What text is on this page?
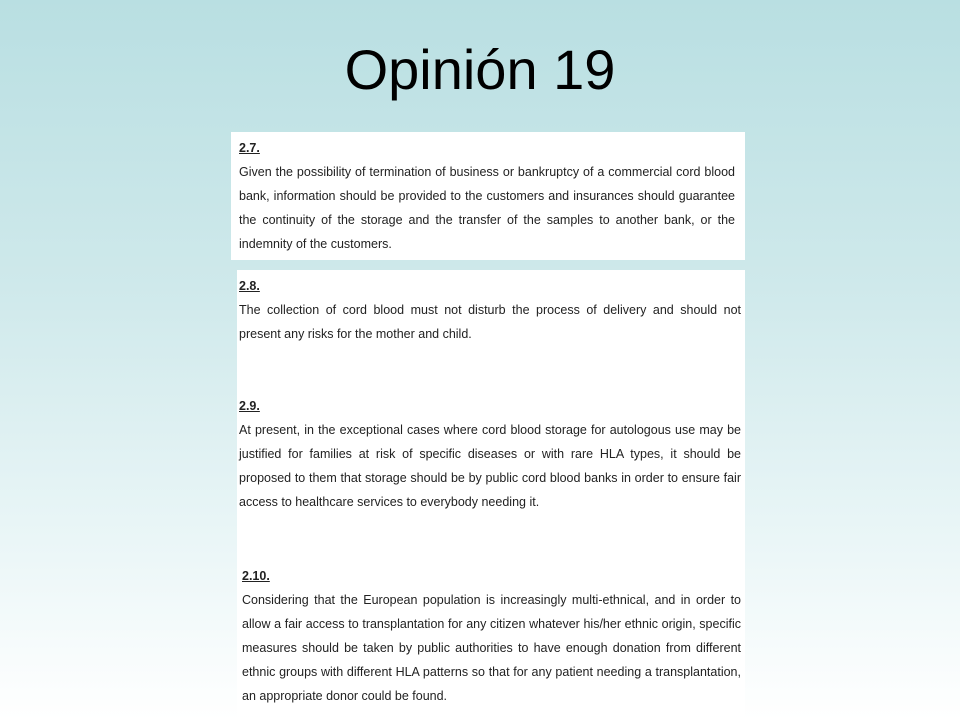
Opinión 19
2.7.
Given the possibility of termination of business or bankruptcy of a commercial cord blood bank, information should be provided to the customers and insurances should guarantee the continuity of the storage and the transfer of the samples to another bank, or the indemnity of the customers.
2.8.
The collection of cord blood must not disturb the process of delivery and should not present any risks for the mother and child.
2.9.
At present, in the exceptional cases where cord blood storage for autologous use may be justified for families at risk of specific diseases or with rare HLA types, it should be proposed to them that storage should be by public cord blood banks in order to ensure fair access to healthcare services to everybody needing it.
2.10.
Considering that the European population is increasingly multi-ethnical, and in order to allow a fair access to transplantation for any citizen whatever his/her ethnic origin, specific measures should be taken by public authorities to have enough donation from different ethnic groups with different HLA patterns so that for any patient needing a transplantation, an appropriate donor could be found.
